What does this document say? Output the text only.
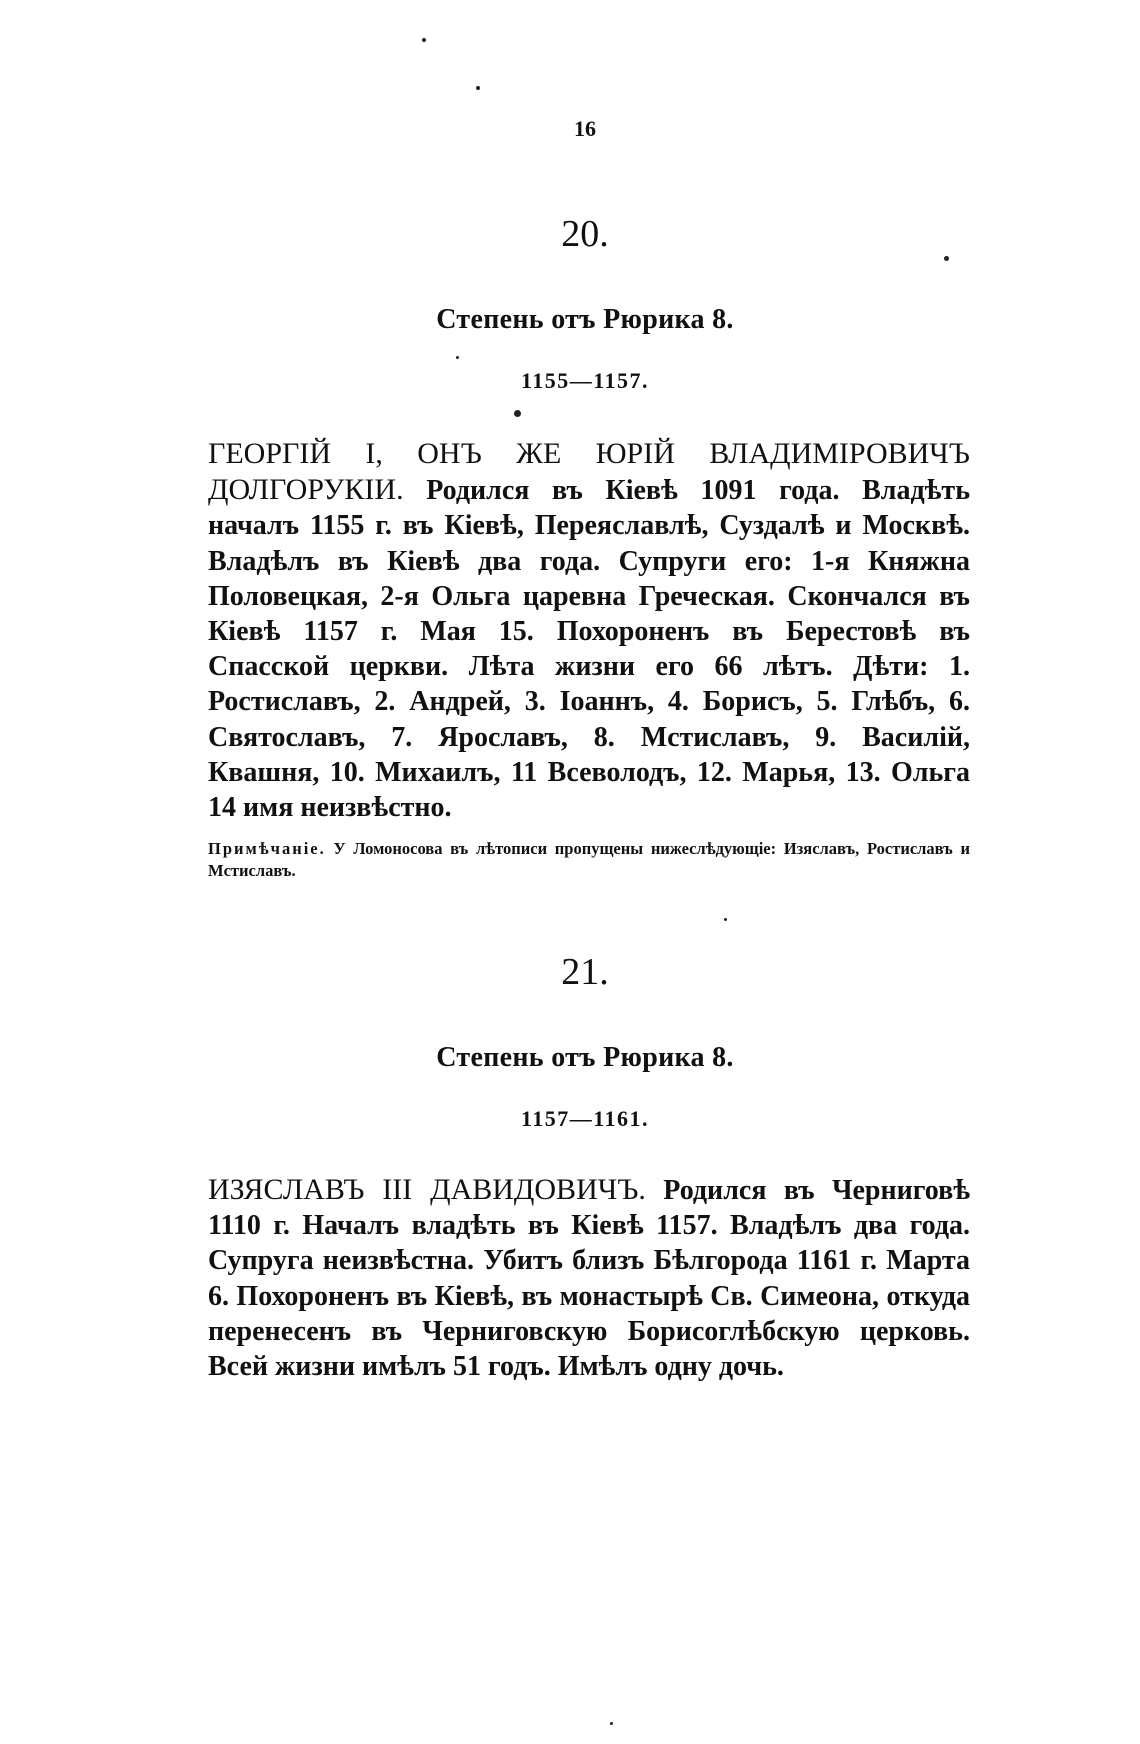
16
20.
Степень отъ Рюрика 8.
1155—1157.
ГЕОРГІЙ I, ОНЪ ЖЕ ЮРІЙ ВЛАДИМІРОВИЧЪ ДОЛГОРУКІИ. Родился въ Кіевѣ 1091 года. Владѣть началъ 1155 г. въ Кіевѣ, Переяславлѣ, Суздалѣ и Москвѣ. Владѣлъ въ Кіевѣ два года. Супруги его: 1-я Княжна Половецкая, 2-я Ольга царевна Греческая. Скончался въ Кіевѣ 1157 г. Мая 15. Похороненъ въ Берестовѣ въ Спасской церкви. Лѣта жизни его 66 лѣтъ. Дѣти: 1. Ростиславъ, 2. Андрей, 3. Іоаннъ, 4. Борисъ, 5. Глѣбъ, 6. Святославъ, 7. Ярославъ, 8. Мстиславъ, 9. Василій, Квашня, 10. Михаилъ, 11 Всеволодъ, 12. Марья, 13. Ольга 14 имя неизвѣстно.
Примѣчаніе. У Ломоносова въ лѣтописи пропущены нижеслѣдующіе: Изяславъ, Ростиславъ и Мстиславъ.
21.
Степень отъ Рюрика 8.
1157—1161.
ИЗЯСЛАВЪ III ДАВИДОВИЧЪ. Родился въ Черниговѣ 1110 г. Началъ владѣть въ Кіевѣ 1157. Владѣлъ два года. Супруга неизвѣстна. Убитъ близъ Бѣлгорода 1161 г. Марта 6. Похороненъ въ Кіевѣ, въ монастырѣ Св. Симеона, откуда перенесенъ въ Черниговскую Борисоглѣбскую церковь. Всей жизни имѣлъ 51 годъ. Имѣлъ одну дочь.
